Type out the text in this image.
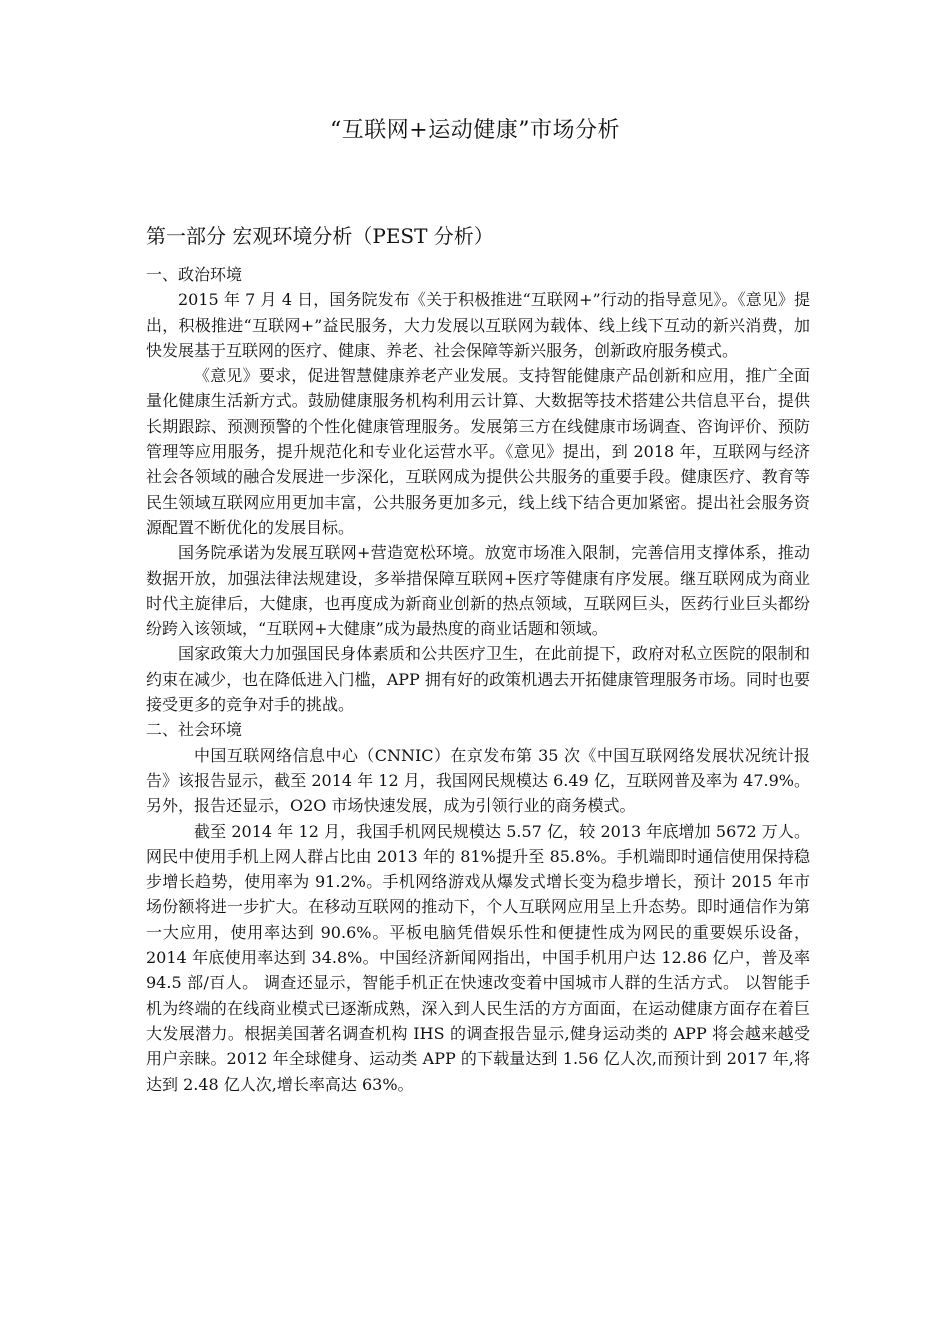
“互联网+运动健康”市场分析
第一部分 宏观环境分析（PEST 分析）

一、政治环境

2015 年 7 月 4 日，国务院发布《关于积极推进“互联网+”行动的指导意见》。《意见》提出，积极推进“互联网+”益民服务，大力发展以互联网为载体、线上线下互动的新兴消费，加快发展基于互联网的医疗、健康、养老、社会保障等新兴服务，创新政府服务模式。

《意见》要求，促进智慧健康养老产业发展。支持智能健康产品创新和应用，推广全面量化健康生活新方式。鼓励健康服务机构利用云计算、大数据等技术搭建公共信息平台，提供长期跟踪、预测预警的个性化健康管理服务。发展第三方在线健康市场调查、咨询评价、预防管理等应用服务，提升规范化和专业化运营水平。《意见》提出，到 2018 年，互联网与经济社会各领域的融合发展进一步深化，互联网成为提供公共服务的重要手段。健康医疗、教育等民生领域互联网应用更加丰富，公共服务更加多元，线上线下结合更加紧密。提出社会服务资源配置不断优化的发展目标。

国务院承诺为发展互联网+营造宽松环境。放宽市场准入限制，完善信用支撑体系，推动数据开放，加强法律法规建设，多举措保障互联网+医疗等健康有序发展。继互联网成为商业时代主旋律后，大健康，也再度成为新商业创新的热点领域，互联网巨头，医药行业巨头都纷纷跨入该领域，“互联网+大健康”成为最热度的商业话题和领域。

国家政策大力加强国民身体素质和公共医疗卫生，在此前提下，政府对私立医院的限制和约束在减少，也在降低进入门槛，APP 拥有好的政策机遇去开拓健康管理服务市场。同时也要接受更多的竞争对手的挑战。

二、社会环境

中国互联网络信息中心（CNNIC）在京发布第 35 次《中国互联网络发展状况统计报告》该报告显示，截至 2014 年 12 月，我国网民规模达 6.49 亿，互联网普及率为 47.9%。另外，报告还显示，O2O 市场快速发展，成为引领行业的商务模式。

截至 2014 年 12 月，我国手机网民规模达 5.57 亿，较 2013 年底增加 5672 万人。网民中使用手机上网人群占比由 2013 年的 81%提升至 85.8%。手机端即时通信使用保持稳步增长趋势，使用率为 91.2%。手机网络游戏从爆发式增长变为稳步增长，预计 2015 年市场份额将进一步扩大。在移动互联网的推动下，个人互联网应用呈上升态势。即时通信作为第一大应用，使用率达到 90.6%。平板电脑凭借娱乐性和便捷性成为网民的重要娱乐设备， 2014 年底使用率达到 34.8%。中国经济新闻网指出，中国手机用户达 12.86 亿户，普及率 94.5 部/百人。 调查还显示，智能手机正在快速改变着中国城市人群的生活方式。 以智能手机为终端的在线商业模式已逐渐成熟，深入到人民生活的方方面面，在运动健康方面存在着巨大发展潜力。根据美国著名调查机构 IHS 的调查报告显示,健身运动类的 APP 将会越来越受用户亲睐。2012 年全球健身、运动类 APP 的下载量达到 1.56 亿人次,而预计到 2017 年,将达到 2.48 亿人次,增长率高达 63%。
